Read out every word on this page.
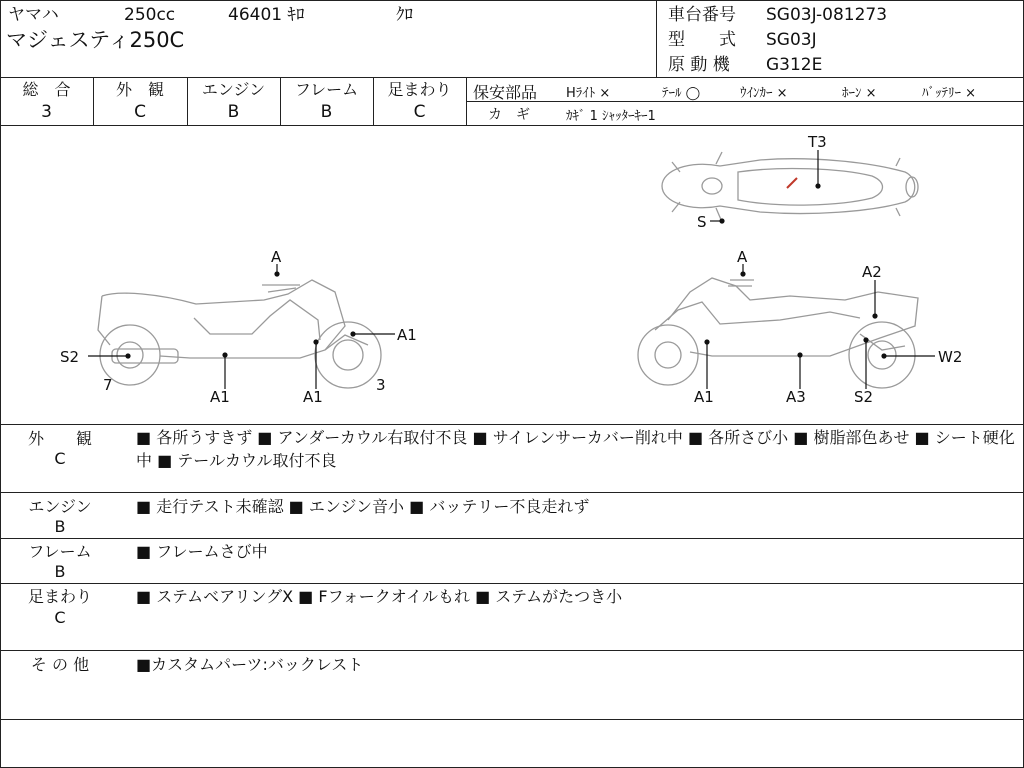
ヤマハ	250cc	46401 ｷﾛ	ｸﾛ
マジェスティ250C
車台番号 SG03J-081273
型　　式 SG03J
原 動 機 G312E
総　合
3
外　観
C
エンジン
B
フレーム
B
足まわり
C
保安部品 Hﾗｲﾄ ×	ﾃｰﾙ ◯	ｳｲﾝｶｰ ×	ﾎｰﾝ ×	ﾊﾞｯﾃﾘｰ ×
カ　ギ	ｶｷﾞ 1 ｼｬｯﾀｰｷｰ1
T3
S
A
A1
S2
7
A1	A1
3
A
A2
W2
A1	A3	S2
外　　観
C
■ 各所うすきず ■ アンダーカウル右取付不良 ■ サイレンサーカバー削れ中 ■ 各所さび小 ■ 樹脂部色あせ ■ シート硬化中 ■ テールカウル取付不良
エンジン
B
■ 走行テスト未確認 ■ エンジン音小 ■ バッテリー不良走れず
フレーム
B
■ フレームさび中
足まわり
C
■ ステムベアリングX ■ Fフォークオイルもれ ■ ステムがたつき小
そ の 他	■カスタムパーツ:バックレスト
